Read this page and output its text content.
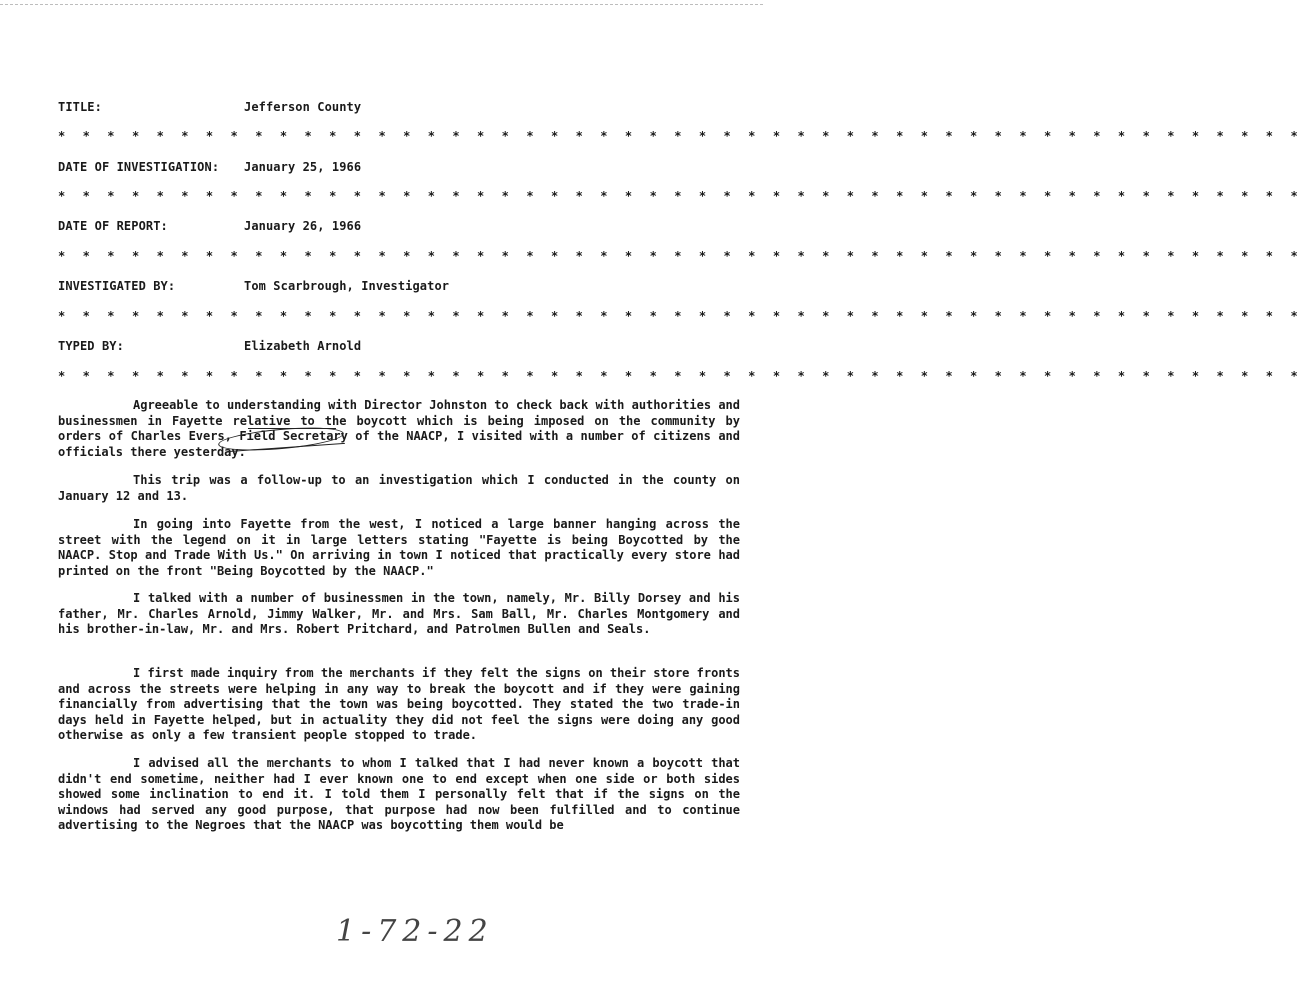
TITLE:	Jefferson County
* * * * * * * * * * * * * * * * * * * * * * * * * * * * * * * * * * * * * * * * * * * * * * * * * * *
DATE OF INVESTIGATION: January 25, 1966
* * * * * * * * * * * * * * * * * * * * * * * * * * * * * * * * * * * * * * * * * * * * * * * * * * *
DATE OF REPORT:	January 26, 1966
* * * * * * * * * * * * * * * * * * * * * * * * * * * * * * * * * * * * * * * * * * * * * * * * * * *
INVESTIGATED BY:	Tom Scarbrough, Investigator
* * * * * * * * * * * * * * * * * * * * * * * * * * * * * * * * * * * * * * * * * * * * * * * * * * *
TYPED BY:	Elizabeth Arnold
* * * * * * * * * * * * * * * * * * * * * * * * * * * * * * * * * * * * * * * * * * * * * * * * * * *

Agreeable to understanding with Director Johnston to check back with authorities and businessmen in Fayette relative to the boycott which is being imposed on the community by orders of Charles Evers, Field Secretary of the NAACP, I visited with a number of citizens and officials there yesterday.

This trip was a follow-up to an investigation which I conducted in the county on January 12 and 13.

In going into Fayette from the west, I noticed a large banner hanging across the street with the legend on it in large letters stating "Fayette is being Boycotted by the NAACP. Stop and Trade With Us." On arriving in town I noticed that practically every store had printed on the front "Being Boycotted by the NAACP."

I talked with a number of businessmen in the town, namely, Mr. Billy Dorsey and his father, Mr. Charles Arnold, Jimmy Walker, Mr. and Mrs. Sam Ball, Mr. Charles Montgomery and his brother-in-law, Mr. and Mrs. Robert Pritchard, and Patrolmen Bullen and Seals.

I first made inquiry from the merchants if they felt the signs on their store fronts and across the streets were helping in any way to break the boycott and if they were gaining financially from advertising that the town was being boycotted. They stated the two trade-in days held in Fayette helped, but in actuality they did not feel the signs were doing any good otherwise as only a few transient people stopped to trade.

I advised all the merchants to whom I talked that I had never known a boycott that didn't end sometime, neither had I ever known one to end except when one side or both sides showed some inclination to end it. I told them I personally felt that if the signs on the windows had served any good purpose, that purpose had now been fulfilled and to continue advertising to the Negroes that the NAACP was boycotting them would be

1-72-22
